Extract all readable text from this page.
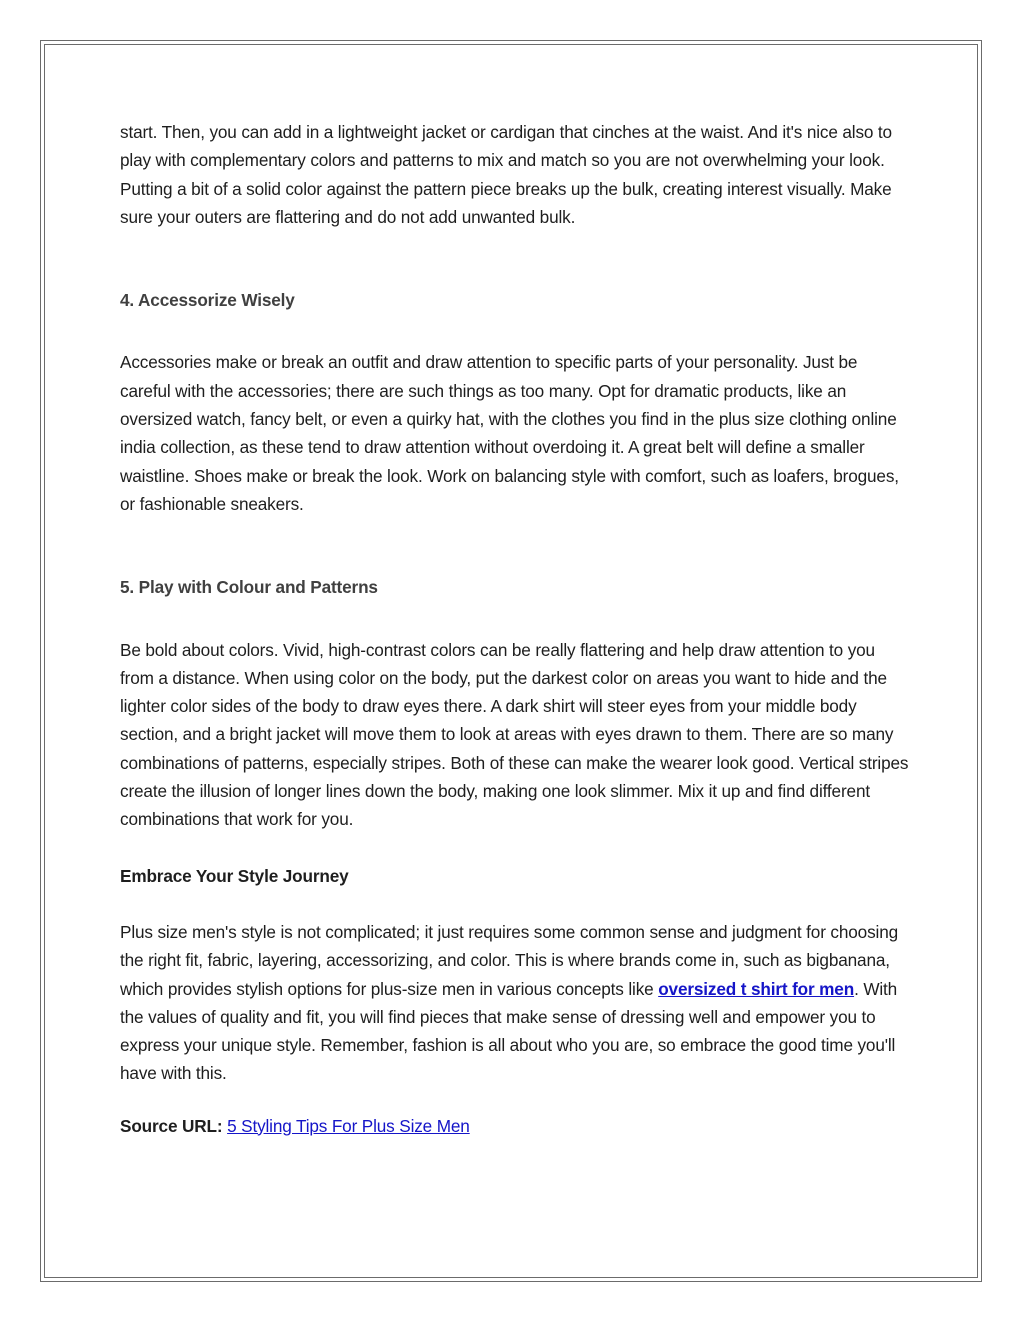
start. Then, you can add in a lightweight jacket or cardigan that cinches at the waist. And it's nice also to play with complementary colors and patterns to mix and match so you are not overwhelming your look. Putting a bit of a solid color against the pattern piece breaks up the bulk, creating interest visually. Make sure your outers are flattering and do not add unwanted bulk.

4. Accessorize Wisely

Accessories make or break an outfit and draw attention to specific parts of your personality. Just be careful with the accessories; there are such things as too many. Opt for dramatic products, like an oversized watch, fancy belt, or even a quirky hat, with the clothes you find in the plus size clothing online india collection, as these tend to draw attention without overdoing it. A great belt will define a smaller waistline. Shoes make or break the look. Work on balancing style with comfort, such as loafers, brogues, or fashionable sneakers.

5. Play with Colour and Patterns

Be bold about colors. Vivid, high-contrast colors can be really flattering and help draw attention to you from a distance. When using color on the body, put the darkest color on areas you want to hide and the lighter color sides of the body to draw eyes there. A dark shirt will steer eyes from your middle body section, and a bright jacket will move them to look at areas with eyes drawn to them. There are so many combinations of patterns, especially stripes. Both of these can make the wearer look good. Vertical stripes create the illusion of longer lines down the body, making one look slimmer. Mix it up and find different combinations that work for you.

Embrace Your Style Journey

Plus size men's style is not complicated; it just requires some common sense and judgment for choosing the right fit, fabric, layering, accessorizing, and color. This is where brands come in, such as bigbanana, which provides stylish options for plus-size men in various concepts like oversized t shirt for men. With the values of quality and fit, you will find pieces that make sense of dressing well and empower you to express your unique style. Remember, fashion is all about who you are, so embrace the good time you'll have with this.

Source URL: 5 Styling Tips For Plus Size Men
